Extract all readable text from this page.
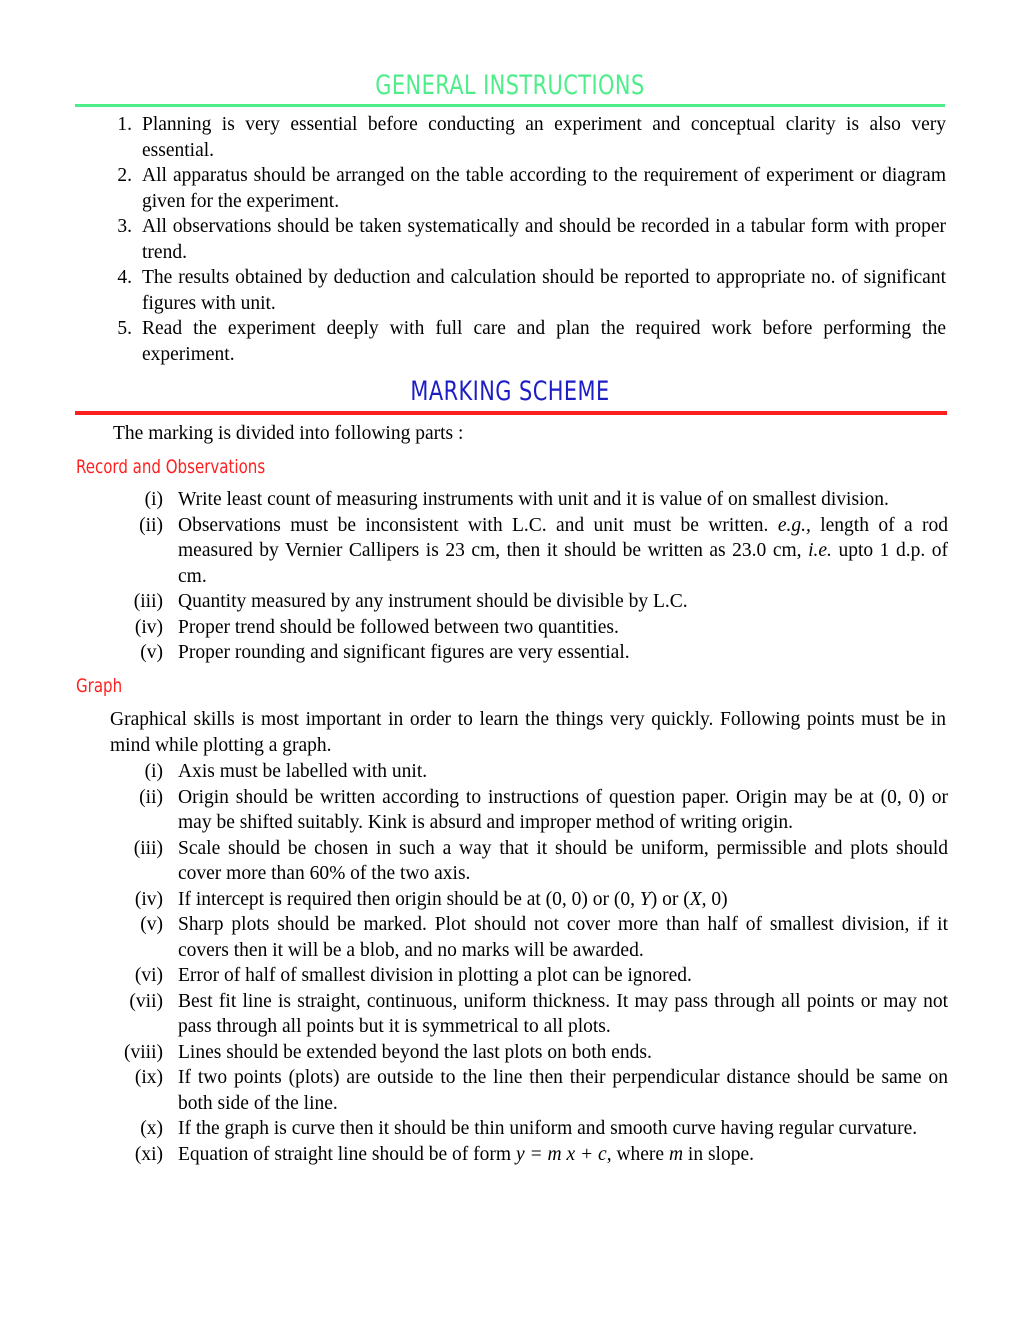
GENERAL INSTRUCTIONS
1. Planning is very essential before conducting an experiment and conceptual clarity is also very essential.
2. All apparatus should be arranged on the table according to the requirement of experiment or diagram given for the experiment.
3. All observations should be taken systematically and should be recorded in a tabular form with proper trend.
4. The results obtained by deduction and calculation should be reported to appropriate no. of significant figures with unit.
5. Read the experiment deeply with full care and plan the required work before performing the experiment.
MARKING SCHEME
The marking is divided into following parts :
Record and Observations
(i) Write least count of measuring instruments with unit and it is value of on smallest division.
(ii) Observations must be inconsistent with L.C. and unit must be written. e.g., length of a rod measured by Vernier Callipers is 23 cm, then it should be written as 23.0 cm, i.e. upto 1 d.p. of cm.
(iii) Quantity measured by any instrument should be divisible by L.C.
(iv) Proper trend should be followed between two quantities.
(v) Proper rounding and significant figures are very essential.
Graph
Graphical skills is most important in order to learn the things very quickly. Following points must be in mind while plotting a graph.
(i) Axis must be labelled with unit.
(ii) Origin should be written according to instructions of question paper. Origin may be at (0, 0) or may be shifted suitably. Kink is absurd and improper method of writing origin.
(iii) Scale should be chosen in such a way that it should be uniform, permissible and plots should cover more than 60% of the two axis.
(iv) If intercept is required then origin should be at (0, 0) or (0, Y) or (X, 0)
(v) Sharp plots should be marked. Plot should not cover more than half of smallest division, if it covers then it will be a blob, and no marks will be awarded.
(vi) Error of half of smallest division in plotting a plot can be ignored.
(vii) Best fit line is straight, continuous, uniform thickness. It may pass through all points or may not pass through all points but it is symmetrical to all plots.
(viii) Lines should be extended beyond the last plots on both ends.
(ix) If two points (plots) are outside to the line then their perpendicular distance should be same on both side of the line.
(x) If the graph is curve then it should be thin uniform and smooth curve having regular curvature.
(xi) Equation of straight line should be of form y = m x + c, where m in slope.
